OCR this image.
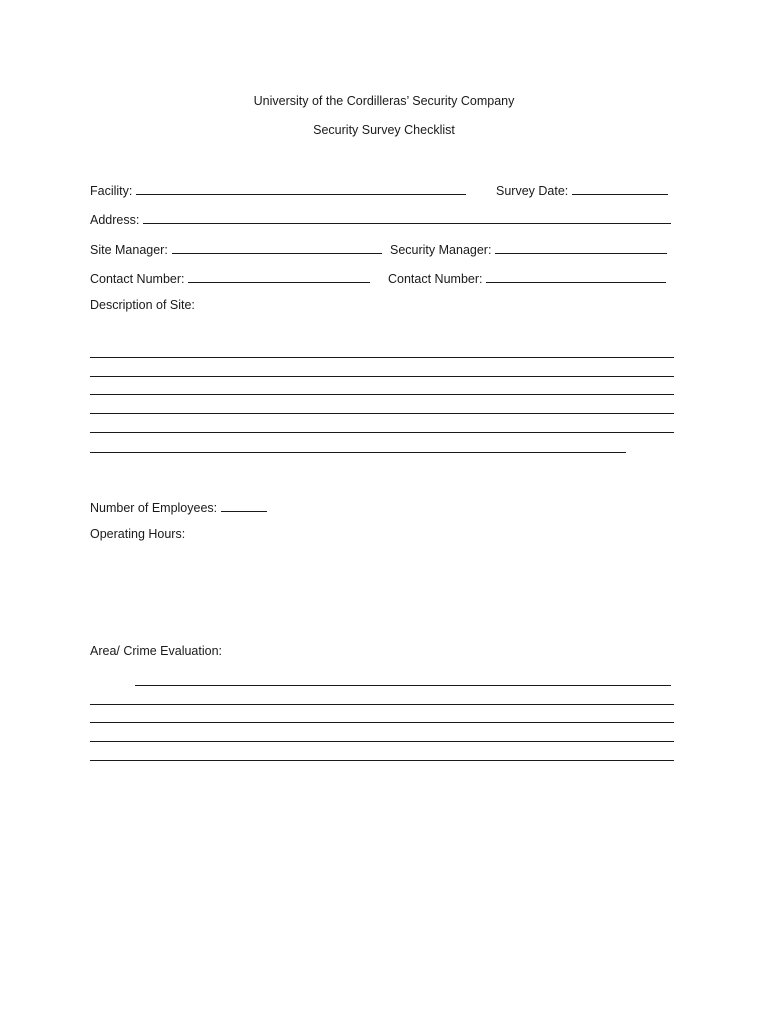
University of the Cordilleras’ Security Company
Security Survey Checklist
Facility:	Survey Date:
Address:
Site Manager:	Security Manager:
Contact Number:	Contact Number:
Description of Site:
Number of Employees:
Operating Hours:
Area/ Crime Evaluation:
